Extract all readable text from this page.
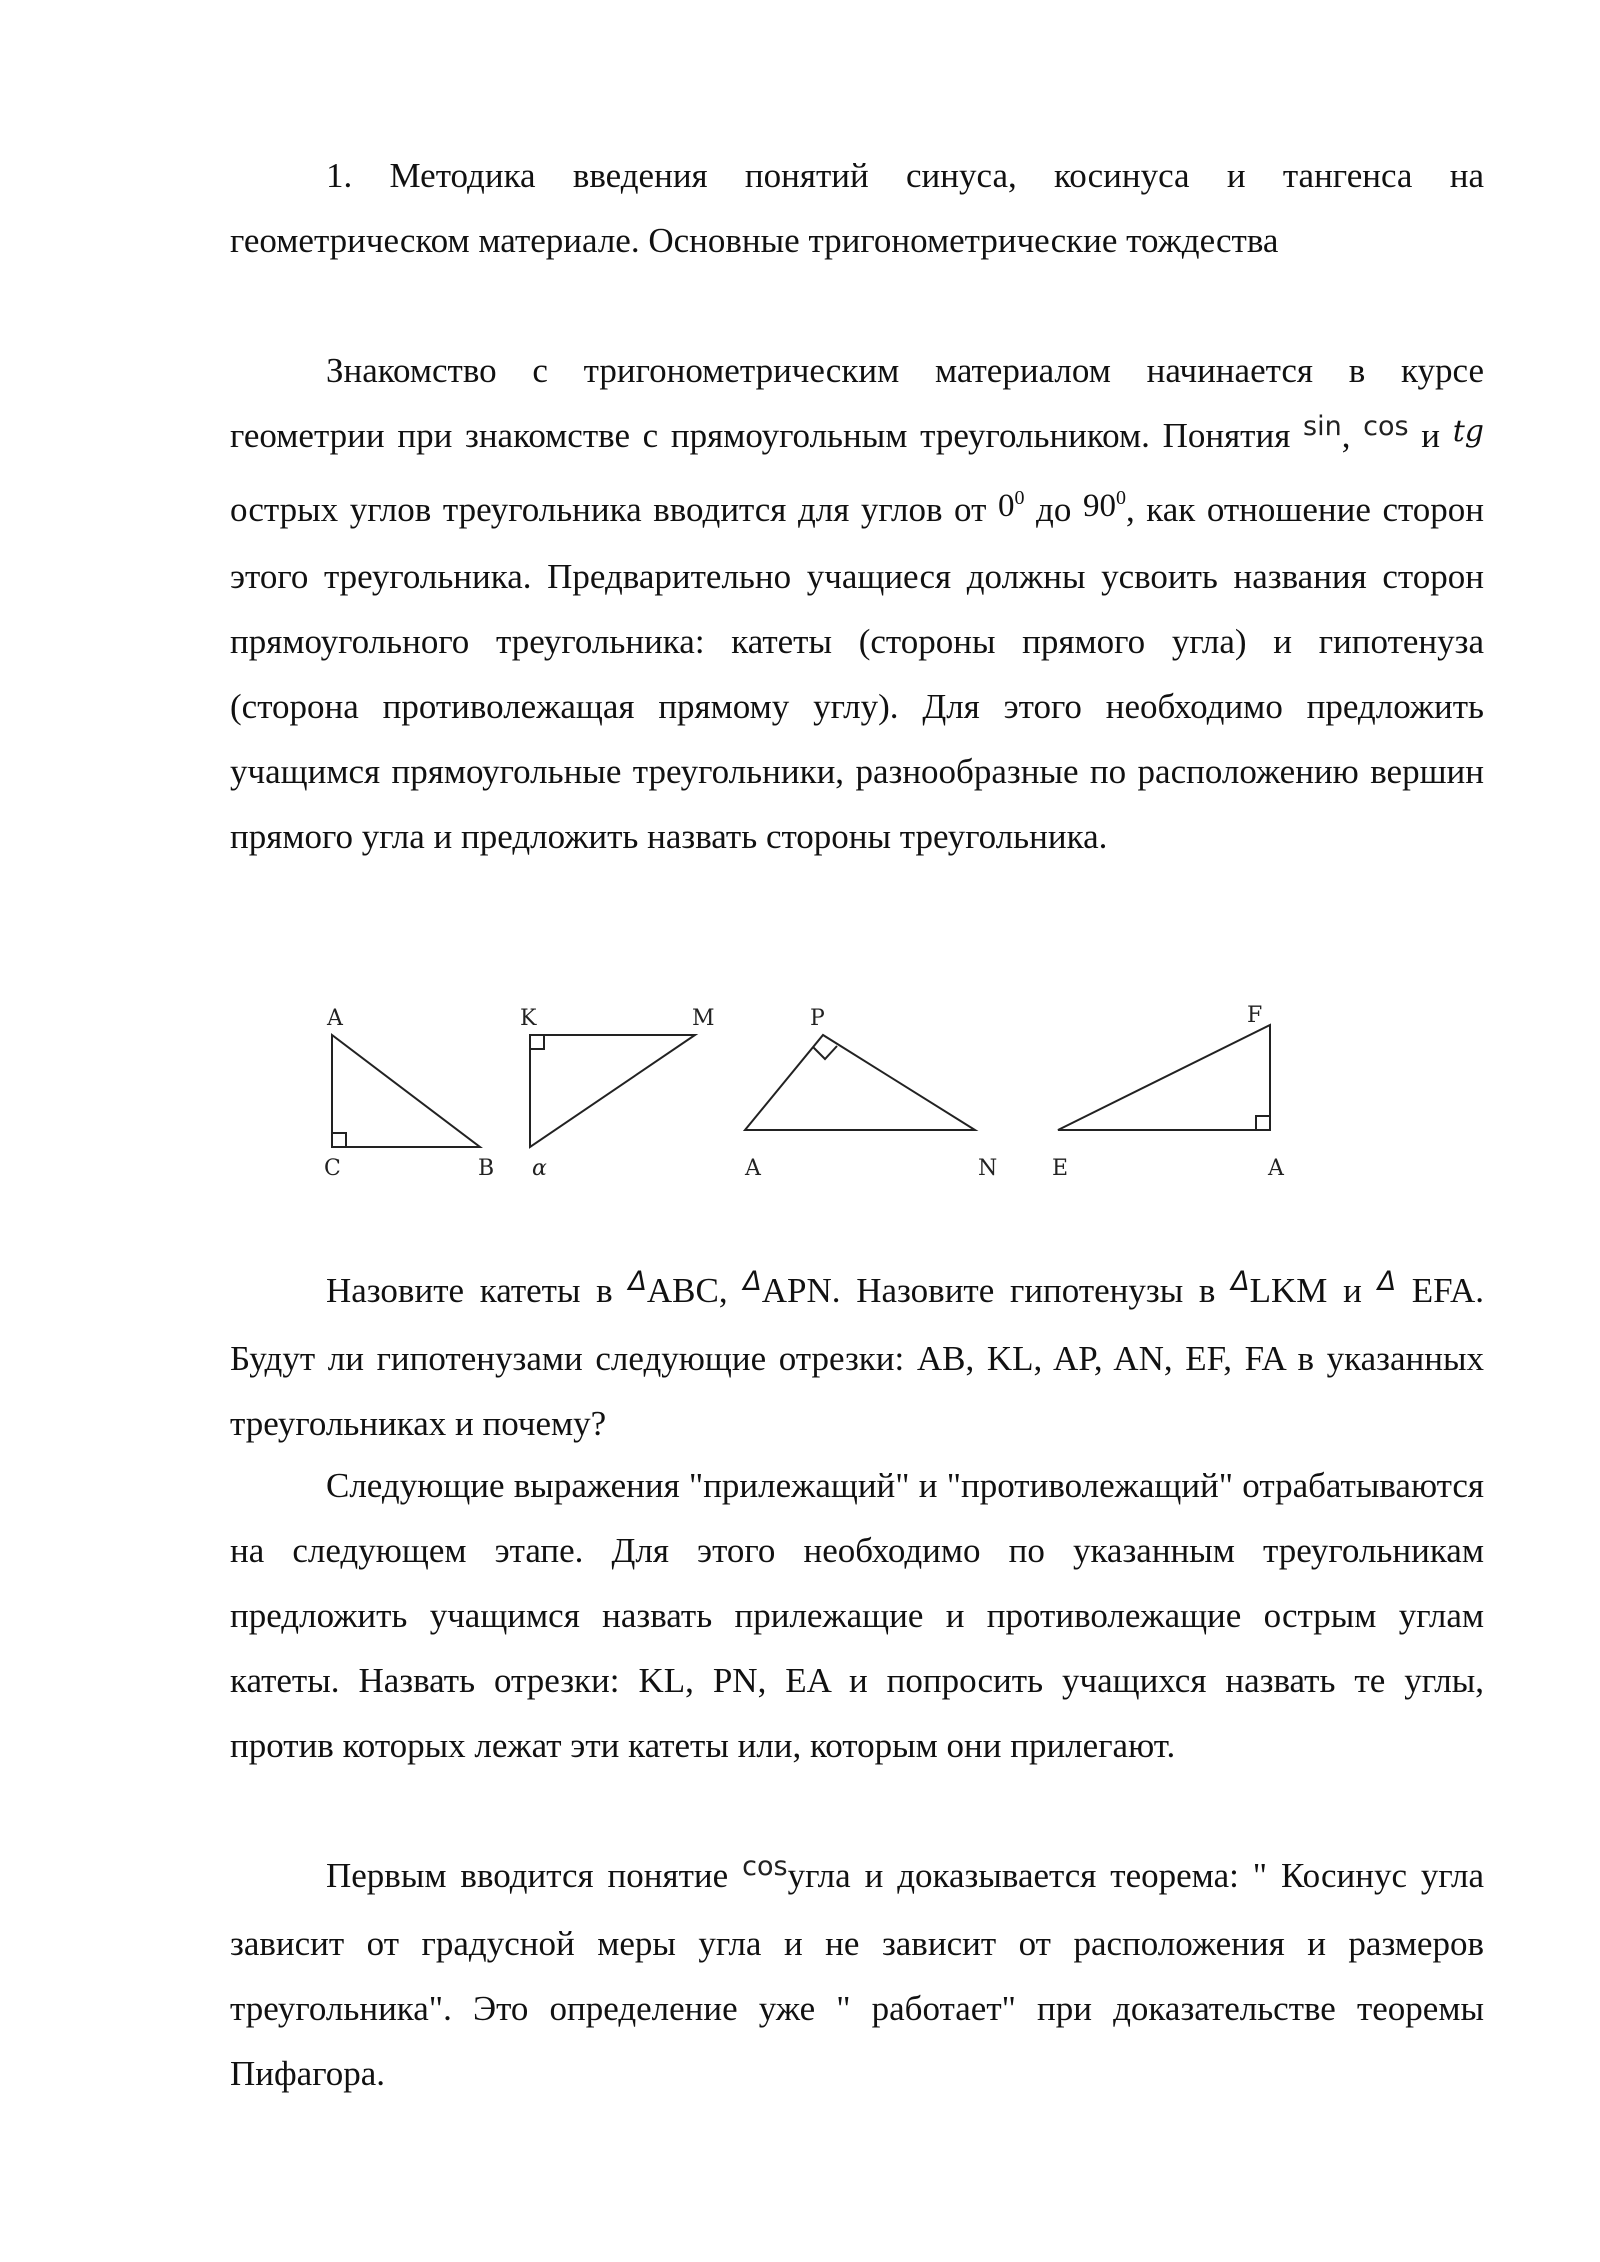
1. Методика введения понятий синуса, косинуса и тангенса на геометрическом материале. Основные тригонометрические тождества
Знакомство с тригонометрическим материалом начинается в курсе геометрии при знакомстве с прямоугольным треугольником. Понятия $^{sin}$, $^{cos}$ и tg острых углов треугольника вводится для углов от $0^0$ до $90^0$, как отношение сторон этого треугольника. Предварительно учащиеся должны усвоить названия сторон прямоугольного треугольника: катеты (стороны прямого угла) и гипотенуза (сторона противолежащая прямому углу). Для этого необходимо предложить учащимся прямоугольные треугольники, разнообразные по расположению вершин прямого угла и предложить назвать стороны треугольника.
A
C	B
K	M
α
P
A	N
F
E	A
Назовите катеты в $^\Delta$ABC, $^\Delta$APN. Назовите гипотенузы в $^\Delta$LKM и $^\Delta$ EFA. Будут ли гипотенузами следующие отрезки: AB, KL, AP, AN, EF, FA в указанных треугольниках и почему?
Следующие выражения "прилежащий" и "противолежащий" отрабатываются на следующем этапе. Для этого необходимо по указанным треугольникам предложить учащимся назвать прилежащие и противолежащие острым углам катеты. Назвать отрезки: KL, PN, EA и попросить учащихся назвать те углы, против которых лежат эти катеты или, которым они прилегают.
Первым вводится понятие $^{cos}$угла и доказывается теорема: " Косинус угла зависит от градусной меры угла и не зависит от расположения и размеров треугольника". Это определение уже " работает" при доказательстве теоремы Пифагора.
